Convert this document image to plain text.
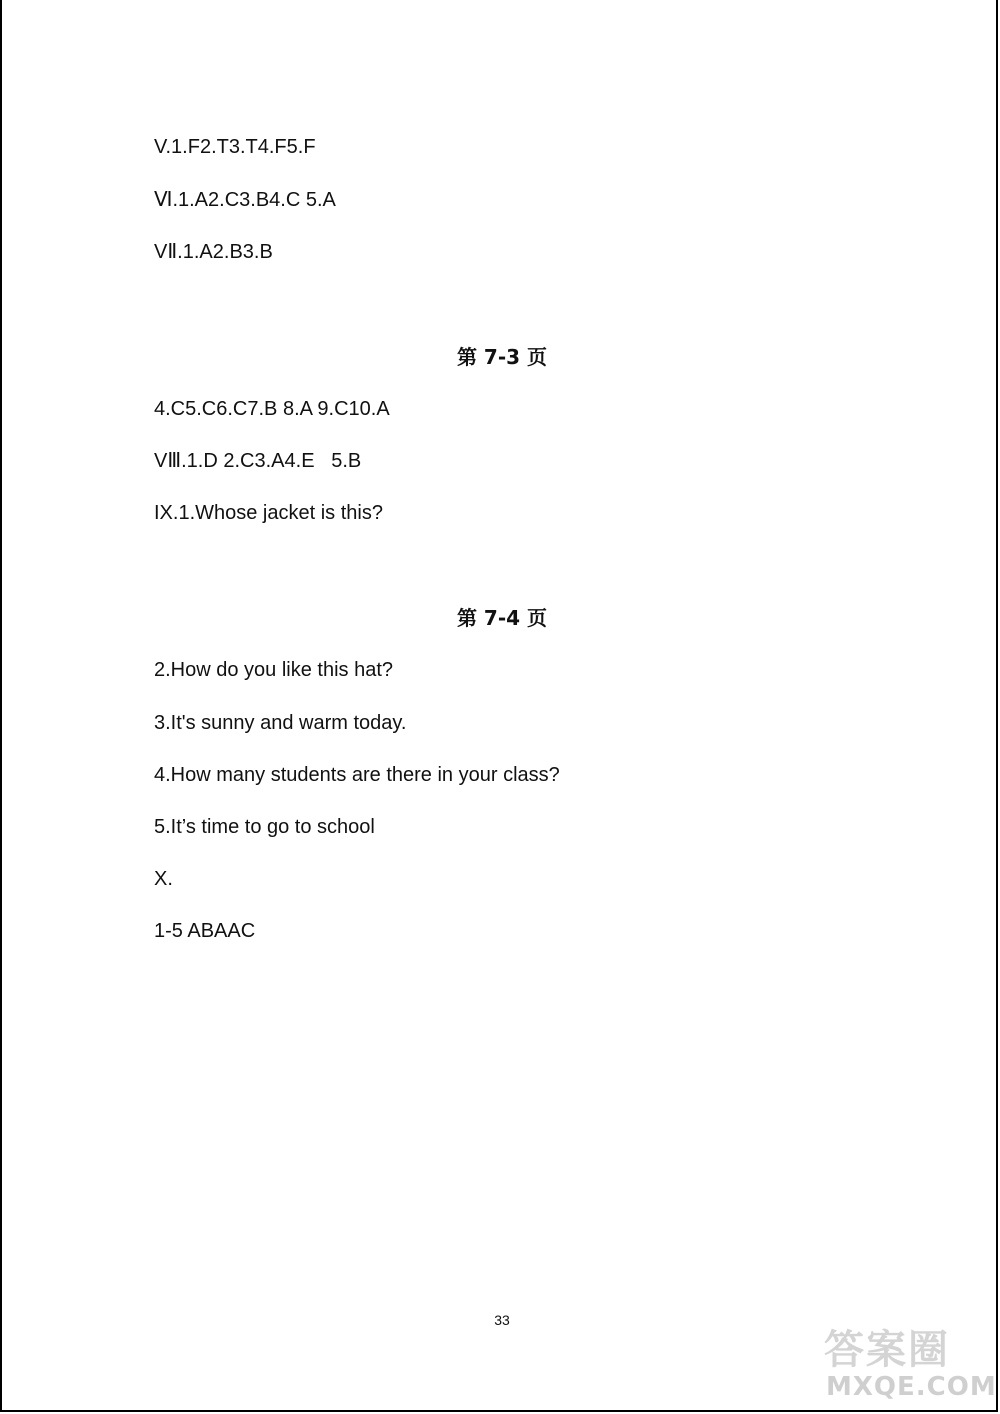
V.1.F2.T3.T4.F5.F
Ⅵ.1.A2.C3.B4.C 5.A
VⅡ.1.A2.B3.B
第 7-3 页
4.C5.C6.C7.B 8.A 9.C10.A
VⅢ.1.D 2.C3.A4.E   5.B
IX.1.Whose jacket is this?
第 7-4 页
2.How do you like this hat?
3.It's sunny and warm today.
4.How many students are there in your class?
5.It’s time to go to school
X.
1-5 ABAAC
33
答案圈
MXQE.COM
